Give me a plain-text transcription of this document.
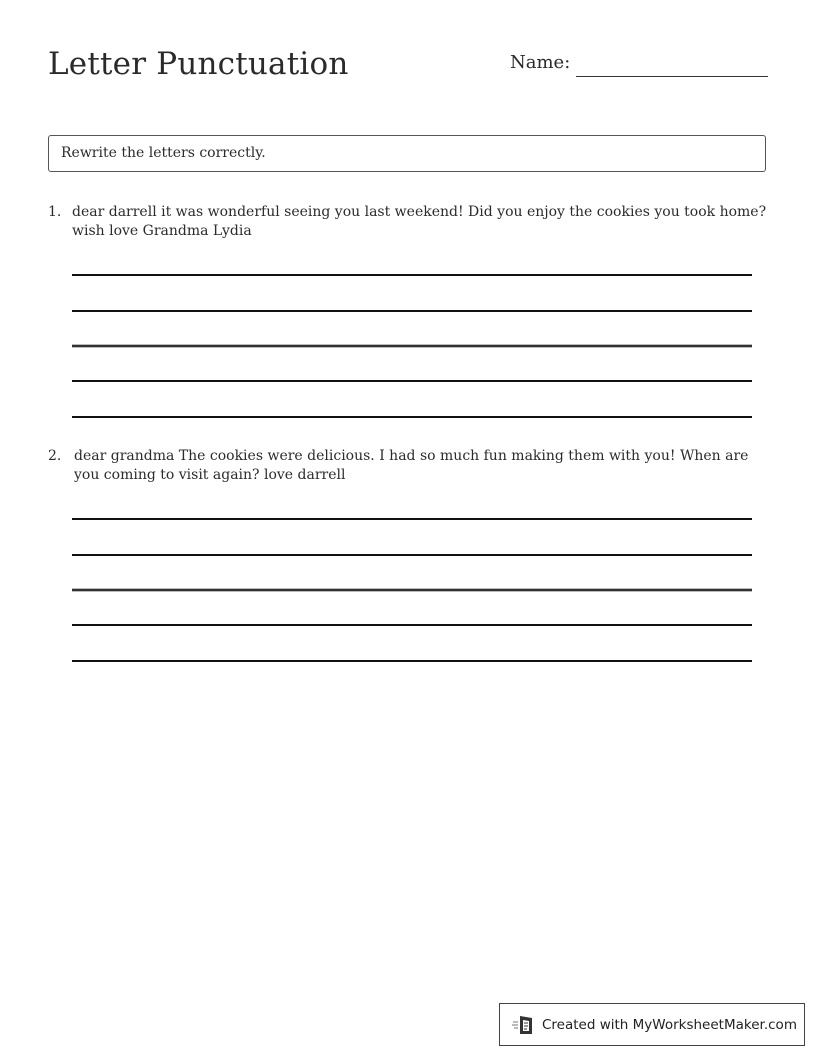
Letter Punctuation	Name:
Rewrite the letters correctly.
1. dear darrell it was wonderful seeing you last weekend! Did you enjoy the cookies you took home? wish love Grandma Lydia
2. dear grandma The cookies were delicious. I had so much fun making them with you! When are you coming to visit again? love darrell
Created with MyWorksheetMaker.com
